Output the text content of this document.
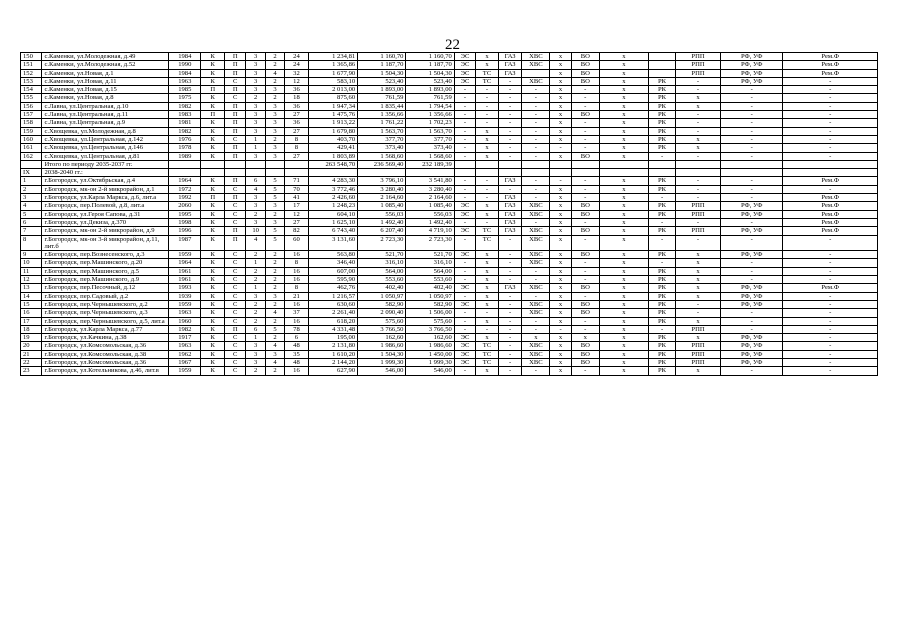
22
150	с.Каменки, ул.Молодежная, д.49	1984	К	П	3	2	24	1 234,81	1 160,70	1 160,70	ЭС	х	ГАЗ	ХВС	х	ВО	х		РПП	РФ, УФ	Рем.Ф
151	с.Каменки, ул.Молодежная, д.52	1990	К	П	3	2	24	1 365,86	1 187,70	1 187,70	ЭС	х	ГАЗ	ХВС	х	ВО	х		РПП	РФ, УФ	Рем.Ф
152	с.Каменки, ул.Новая, д.1	1984	К	П	3	4	32	1 677,90	1 504,30	1 504,30	ЭС	ТС	ГАЗ		х	ВО	х		РПП	РФ, УФ	Рем.Ф
153	с.Каменки, ул.Новая, д.11	1963	К	С	3	2	12	583,10	523,40	523,40	ЭС	ТС	-	ХВС	х	ВО	х	РК	-	РФ, УФ	-
154	с.Каменки, ул.Новая, д.15	1985	П	П	3	3	36	2 013,00	1 893,00	1 893,00	-	-	-	-	х	-	х	РК	-	-	-
155	с.Каменки, ул.Новая, д.8	1975	К	С	2	2	18	875,60	761,59	761,59	-	-	-	-	х	-	х	РК	х	-	-
156	с.Лавна, ул.Центральная, д.10	1982	К	П	3	3	36	1 947,34	1 835,44	1 794,54	-	-	-	-	х	-	х	РК	х	-	-
157	с.Лавна, ул.Центральная, д.11	1983	П	П	3	3	27	1 475,76	1 356,66	1 356,66	-	-	-	-	х	ВО	х	РК	-	-	-
158	с.Лавна, ул.Центральная, д.9	1981	К	П	3	3	36	1 913,22	1 761,22	1 702,23	-	-	-	-	х	-	х	РК	-	-	-
159	с.Хвощевка, ул.Молодежная, д.8	1982	К	П	3	3	27	1 679,80	1 563,70	1 563,70	-	х	-	-	х	-	х	РК	-	-	-
160	с.Хвощевка, ул.Центральная, д.142	1976	К	С	1	2	8	403,70	377,70	377,70	-	х	-	-	х	-	х	РК	х	-	-
161	с.Хвощевка, ул.Центральная, д.146	1978	К	П	1	3	8	429,41	373,40	373,40	-	х	-	-	-	-	х	РК	х	-	-
162	с.Хвощевка, ул.Центральная, д.81	1989	К	П	3	3	27	1 803,89	1 568,60	1 568,60	-	х	-	-	х	ВО	х	-	-	-	-
	Итого по периоду 2035-2037 гг.							263 548,70	236 569,40	232 189,39											
IX	2038-2040 гг.:																				
1	г.Богородск, ул.Октябрьская, д.4	1964	К	П	6	5	71	4 283,30	3 796,10	3 541,80	-	-	ГАЗ	-	-	-	х	РК	-	-	Рем.Ф
2	г.Богородск, мк-он 2-й микрорайон, д.1	1972	К	С	4	5	70	3 772,46	3 280,40	3 280,40	-	-	-	-	х	-	х	РК	-	-	-
3	г.Богородск, ул.Карла Маркса, д.6, лит.а	1992	П	П	3	5	41	2 426,60	2 164,60	2 164,60	-	-	ГАЗ	-	х	-	х	-	-	-	Рем.Ф
4	г.Богородск, пер.Полевой, д.8, лит.а	2060	К	С	3	3	17	1 248,23	1 085,40	1 085,40	ЭС	х	ГАЗ	ХВС	х	ВО	х	РК	РПП	РФ, УФ	Рем.Ф
5	г.Богородск, ул.Героя Сапова, д.31	1995	К	С	2	2	12	604,10	556,03	556,03	ЭС	х	ГАЗ	ХВС	х	ВО	х	РК	РПП	РФ, УФ	Рем.Ф
6	г.Богородск, ул.Декиза, д.370	1998	К	С	3	3	27	1 625,10	1 492,40	1 492,40	-	-	ГАЗ	-	х	-	х	-	-	-	Рем.Ф
7	г.Богородск, мк-он 2-й микрорайон, д.9	1996	К	П	10	5	82	6 743,40	6 207,40	4 719,10	ЭС	ТС	ГАЗ	ХВС	х	ВО	х	РК	РПП	РФ, УФ	Рем.Ф
8	г.Богородск, мк-он 3-й микрорайон, д.11, лит.б	1987	К	П	4	5	60	3 131,60	2 723,30	2 723,30	-	ТС	-	ХВС	х	-	х	-	-	-	-
9	г.Богородск, пер.Вознесенского, д.3	1959	К	С	2	2	16	563,80	521,70	521,70	ЭС	х	-	ХВС	х	ВО	х	РК	х	РФ, УФ	-
10	г.Богородск, пер.Машинского, д.20	1964	К	С	1	2	8	346,40	316,10	316,10	-	х	-	ХВС	х	-	х	-	х	-	-
11	г.Богородск, пер.Машинского, д.5	1961	К	С	2	2	16	607,00	564,00	564,00	-	х	-	-	х	-	х	РК	х	-	-
12	г.Богородск, пер.Машинского, д.9	1961	К	С	2	2	16	595,90	553,60	553,60	-	х	-	-	х	-	х	РК	х	-	-
13	г.Богородск, пер.Песочный, д.12	1993	К	С	1	2	8	462,76	402,40	402,40	ЭС	х	ГАЗ	ХВС	х	ВО	х	РК	х	РФ, УФ	Рем.Ф
14	г.Богородск, пер.Садовый, д.2	1939	К	С	3	3	21	1 216,57	1 050,97	1 050,97	-	х	-	-	х	-	х	РК	х	РФ, УФ	-
15	г.Богородск, пер.Чернышевского, д.2	1959	К	С	2	2	16	630,60	582,90	582,90	ЭС	х	-	ХВС	х	ВО	х	РК	-	РФ, УФ	-
16	г.Богородск, пер.Чернышевского, д.3	1963	К	С	2	4	37	2 261,40	2 090,40	1 506,00	-	-	-	ХВС	х	ВО	х	РК	-	-	-
17	г.Богородск, пер.Чернышевского, д.5, лит.а	1960	К	С	2	2	16	618,20	575,60	575,60	-	х	-	-	х	-	х	РК	х	-	-
18	г.Богородск, ул.Карла Маркса, д.77	1982	К	П	6	5	78	4 331,48	3 766,50	3 766,50	-	-	-	-	-	-	х	-	РПП	-	-
19	г.Богородск, ул.Качкина, д.38	1917	К	С	1	2	6	195,00	162,60	162,60	ЭС	х	-	х	х	х	х	РК	х	РФ, УФ	-
20	г.Богородск, ул.Комсомольская, д.36	1963	К	С	3	4	48	2 131,80	1 986,60	1 986,60	ЭС	ТС	-	ХВС	х	ВО	х	РК	РПП	РФ, УФ	-
21	г.Богородск, ул.Комсомольская, д.38	1962	К	С	3	3	35	1 610,20	1 504,30	1 450,00	ЭС	ТС	-	ХВС	х	ВО	х	РК	РПП	РФ, УФ	-
22	г.Богородск, ул.Комсомольская, д.36	1967	К	С	3	4	48	2 144,20	1 999,30	1 999,30	ЭС	ТС	-	ХВС	х	ВО	х	РК	РПП	РФ, УФ	-
23	г.Богородск, ул.Котельникова, д.46, лит.в	1959	К	С	2	2	16	627,90	546,00	546,00	-	х	-	-	х	-	х	РК	х	-	-
